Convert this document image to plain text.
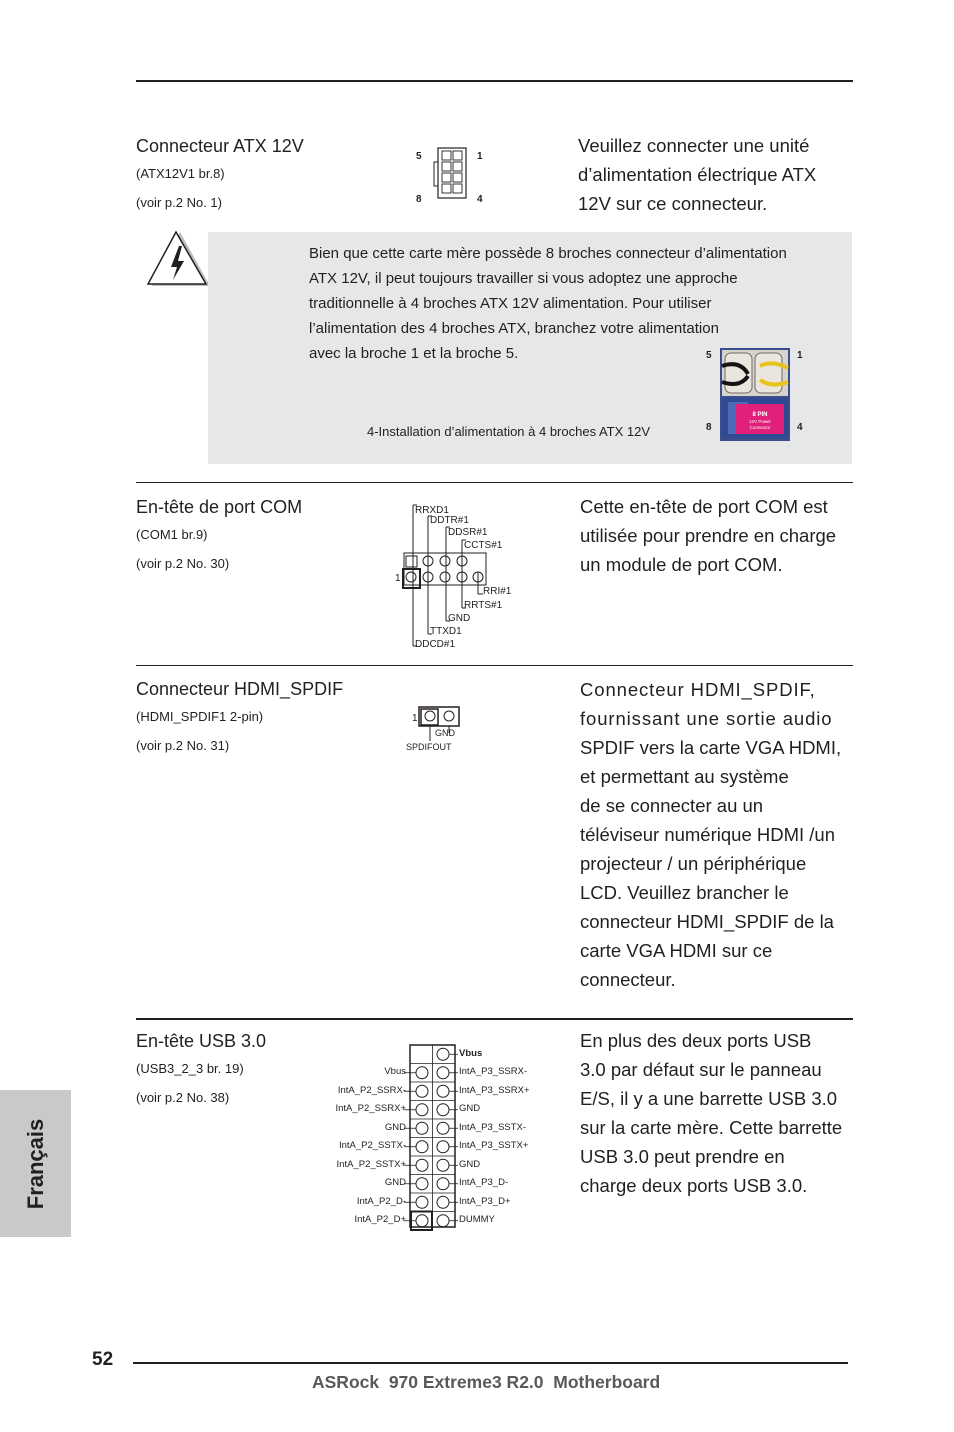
Connecteur ATX 12V
(ATX12V1 br.8)
(voir p.2 No. 1)
5	1
8	4
Veuillez connecter une unité
d’alimentation électrique ATX
12V sur ce connecteur.
Bien que cette carte mère possède 8 broches connecteur d’alimentation
ATX 12V, il peut toujours travailler si vous adoptez une approche
traditionnelle à 4 broches ATX 12V alimentation. Pour utiliser
l’alimentation des 4 broches ATX, branchez votre alimentation
avec la broche 1 et la broche 5.
4-Installation d’alimentation à 4 broches ATX 12V
5	1
8	4
8 PIN
12V Power
Connector
En-tête de port COM
(COM1 br.9)
(voir p.2 No. 30)
RRXD1
DDTR#1
DDSR#1
CCTS#1
RRI#1
RRTS#1
GND
TTXD1
DDCD#1
1
Cette en-tête de port COM est
utilisée pour prendre en charge
un module de port COM.
Connecteur HDMI_SPDIF
(HDMI_SPDIF1 2-pin)
(voir p.2 No. 31)
1
GND
SPDIFOUT
Connecteur HDMI_SPDIF,
fournissant une sortie audio
SPDIF vers la carte VGA HDMI,
et permettant au système
de se connecter au un
téléviseur numérique HDMI /un
projecteur / un périphérique
LCD. Veuillez brancher le
connecteur HDMI_SPDIF de la
carte VGA HDMI sur ce
connecteur.
En-tête USB 3.0
(USB3_2_3 br. 19)
(voir p.2 No. 38)
Vbus
IntA_P2_SSRX-
IntA_P2_SSRX+
GND
IntA_P2_SSTX-
IntA_P2_SSTX+
GND
IntA_P2_D-
IntA_P2_D+
Vbus
IntA_P3_SSRX-
IntA_P3_SSRX+
GND
IntA_P3_SSTX-
IntA_P3_SSTX+
GND
IntA_P3_D-
IntA_P3_D+
DUMMY
En plus des deux ports USB
3.0 par défaut sur le panneau
E/S, il y a une barrette USB 3.0
sur la carte mère. Cette barrette
USB 3.0 peut prendre en
charge deux ports USB 3.0.
Français
52
ASRock  970 Extreme3 R2.0  Motherboard
